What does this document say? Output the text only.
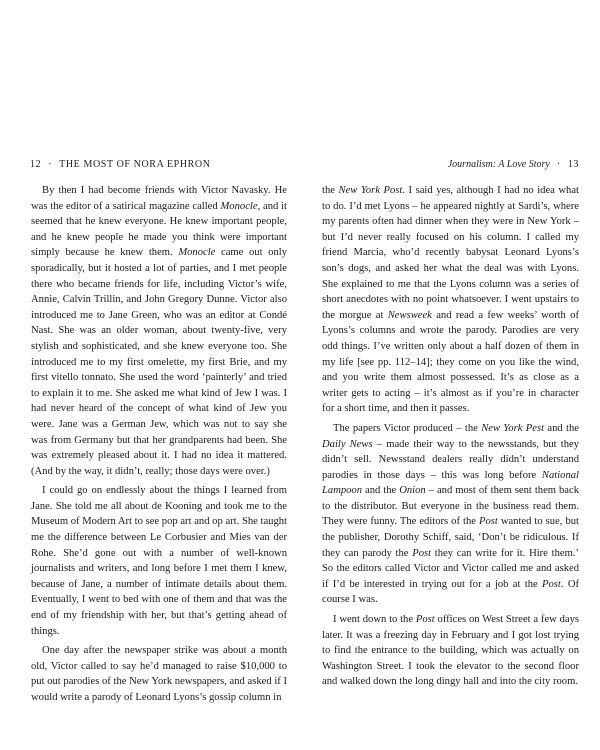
12 · THE MOST OF NORA EPHRON

By then I had become friends with Victor Navasky. He was the editor of a satirical magazine called Monocle, and it seemed that he knew everyone. He knew important people, and he knew people he made you think were important simply because he knew them. Monocle came out only sporadically, but it hosted a lot of parties, and I met people there who became friends for life, including Victor’s wife, Annie, Calvin Trillin, and John Gregory Dunne. Victor also introduced me to Jane Green, who was an editor at Condé Nast. She was an older woman, about twenty-five, very stylish and sophisticated, and she knew everyone too. She introduced me to my first omelette, my first Brie, and my first vitello tonnato. She used the word ‘painterly’ and tried to explain it to me. She asked me what kind of Jew I was. I had never heard of the concept of what kind of Jew you were. Jane was a German Jew, which was not to say she was from Germany but that her grandparents had been. She was extremely pleased about it. I had no idea it mattered. (And by the way, it didn’t, really; those days were over.)

I could go on endlessly about the things I learned from Jane. She told me all about de Kooning and took me to the Museum of Modern Art to see pop art and op art. She taught me the difference between Le Corbusier and Mies van der Rohe. She’d gone out with a number of well-known journalists and writers, and long before I met them I knew, because of Jane, a number of intimate details about them. Eventually, I went to bed with one of them and that was the end of my friendship with her, but that’s getting ahead of things.

One day after the newspaper strike was about a month old, Victor called to say he’d managed to raise $10,000 to put out parodies of the New York newspapers, and asked if I would write a parody of Leonard Lyons’s gossip column in

Journalism: A Love Story · 13

the New York Post. I said yes, although I had no idea what to do. I’d met Lyons – he appeared nightly at Sardi’s, where my parents often had dinner when they were in New York – but I’d never really focused on his column. I called my friend Marcia, who’d recently babysat Leonard Lyons’s son’s dogs, and asked her what the deal was with Lyons. She explained to me that the Lyons column was a series of short anecdotes with no point whatsoever. I went upstairs to the morgue at Newsweek and read a few weeks’ worth of Lyons’s columns and wrote the parody. Parodies are very odd things. I’ve written only about a half dozen of them in my life [see pp. 112–14]; they come on you like the wind, and you write them almost possessed. It’s as close as a writer gets to acting – it’s almost as if you’re in character for a short time, and then it passes.

The papers Victor produced – the New York Pest and the Daily News – made their way to the newsstands, but they didn’t sell. Newsstand dealers really didn’t understand parodies in those days – this was long before National Lampoon and the Onion – and most of them sent them back to the distributor. But everyone in the business read them. They were funny. The editors of the Post wanted to sue, but the publisher, Dorothy Schiff, said, ‘Don’t be ridiculous. If they can parody the Post they can write for it. Hire them.’ So the editors called Victor and Victor called me and asked if I’d be interested in trying out for a job at the Post. Of course I was.

I went down to the Post offices on West Street a few days later. It was a freezing day in February and I got lost trying to find the entrance to the building, which was actually on Washington Street. I took the elevator to the second floor and walked down the long dingy hall and into the city room.
